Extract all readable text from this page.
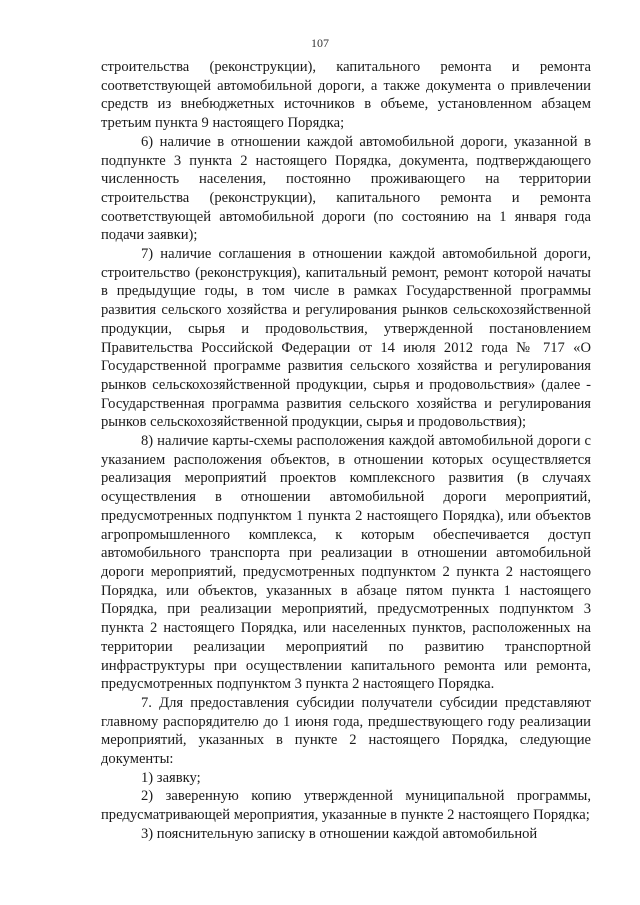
107

строительства (реконструкции), капитального ремонта и ремонта соответствующей автомобильной дороги, а также документа о привлечении средств из внебюджетных источников в объеме, установленном абзацем третьим пункта 9 настоящего Порядка;

6) наличие в отношении каждой автомобильной дороги, указанной в подпункте 3 пункта 2 настоящего Порядка, документа, подтверждающего численность населения, постоянно проживающего на территории строительства (реконструкции), капитального ремонта и ремонта соответствующей автомобильной дороги (по состоянию на 1 января года подачи заявки);

7) наличие соглашения в отношении каждой автомобильной дороги, строительство (реконструкция), капитальный ремонт, ремонт которой начаты в предыдущие годы, в том числе в рамках Государственной программы развития сельского хозяйства и регулирования рынков сельскохозяйственной продукции, сырья и продовольствия, утвержденной постановлением Правительства Российской Федерации от 14 июля 2012 года № 717 «О Государственной программе развития сельского хозяйства и регулирования рынков сельскохозяйственной продукции, сырья и продовольствия» (далее - Государственная программа развития сельского хозяйства и регулирования рынков сельскохозяйственной продукции, сырья и продовольствия);

8) наличие карты-схемы расположения каждой автомобильной дороги с указанием расположения объектов, в отношении которых осуществляется реализация мероприятий проектов комплексного развития (в случаях осуществления в отношении автомобильной дороги мероприятий, предусмотренных подпунктом 1 пункта 2 настоящего Порядка), или объектов агропромышленного комплекса, к которым обеспечивается доступ автомобильного транспорта при реализации в отношении автомобильной дороги мероприятий, предусмотренных подпунктом 2 пункта 2 настоящего Порядка, или объектов, указанных в абзаце пятом пункта 1 настоящего Порядка, при реализации мероприятий, предусмотренных подпунктом 3 пункта 2 настоящего Порядка, или населенных пунктов, расположенных на территории реализации мероприятий по развитию транспортной инфраструктуры при осуществлении капитального ремонта или ремонта, предусмотренных подпунктом 3 пункта 2 настоящего Порядка.

7. Для предоставления субсидии получатели субсидии представляют главному распорядителю до 1 июня года, предшествующего году реализации мероприятий, указанных в пункте 2 настоящего Порядка, следующие документы:

1) заявку;

2) заверенную копию утвержденной муниципальной программы, предусматривающей мероприятия, указанные в пункте 2 настоящего Порядка;

3) пояснительную записку в отношении каждой автомобильной
